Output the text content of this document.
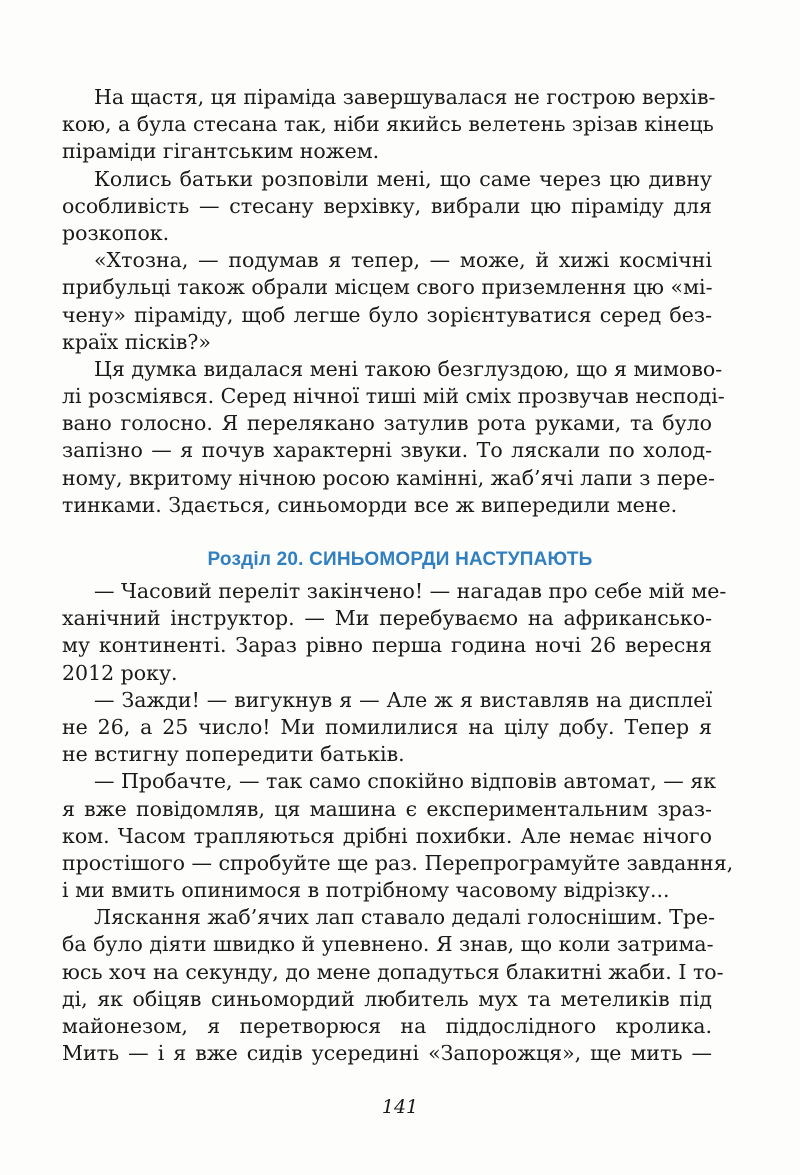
На щастя, ця піраміда завершувалася не гострою верхів-
кою, а була стесана так, ніби якийсь велетень зрізав кінець
піраміди гігантським ножем.
Колись батьки розповіли мені, що саме через цю дивну
особливість — стесану верхівку, вибрали цю піраміду для
розкопок.
«Хтозна, — подумав я тепер, — може, й хижі космічні
прибульці також обрали місцем свого приземлення цю «мі-
чену» піраміду, щоб легше було зорієнтуватися серед без-
країх пісків?»
Ця думка видалася мені такою безглуздою, що я мимово-
лі розсміявся. Серед нічної тиші мій сміх прозвучав несподі-
вано голосно. Я перелякано затулив рота руками, та було
запізно — я почув характерні звуки. То ляскали по холод-
ному, вкритому нічною росою камінні, жаб’ячі лапи з пере-
тинками. Здається, синьоморди все ж випередили мене.
Розділ 20. СИНЬОМОРДИ НАСТУПАЮТЬ
— Часовий переліт закінчено! — нагадав про себе мій ме-
ханічний інструктор. — Ми перебуваємо на африкансько-
му континенті. Зараз рівно перша година ночі 26 вересня
2012 року.
— Зажди! — вигукнув я — Але ж я виставляв на дисплеї
не 26, а 25 число! Ми помилилися на цілу добу. Тепер я
не встигну попередити батьків.
— Пробачте, — так само спокійно відповів автомат, — як
я вже повідомляв, ця машина є експериментальним зраз-
ком. Часом трапляються дрібні похибки. Але немає нічого
простішого — спробуйте ще раз. Перепрограмуйте завдання,
і ми вмить опинимося в потрібному часовому відрізку...
Ляскання жаб’ячих лап ставало дедалі голоснішим. Тре-
ба було діяти швидко й упевнено. Я знав, що коли затрима-
юсь хоч на секунду, до мене допадуться блакитні жаби. І то-
ді, як обіцяв синьомордий любитель мух та метеликів під
майонезом, я перетворюся на піддослідного кролика.
Мить — і я вже сидів усередині «Запорожця», ще мить —
141
